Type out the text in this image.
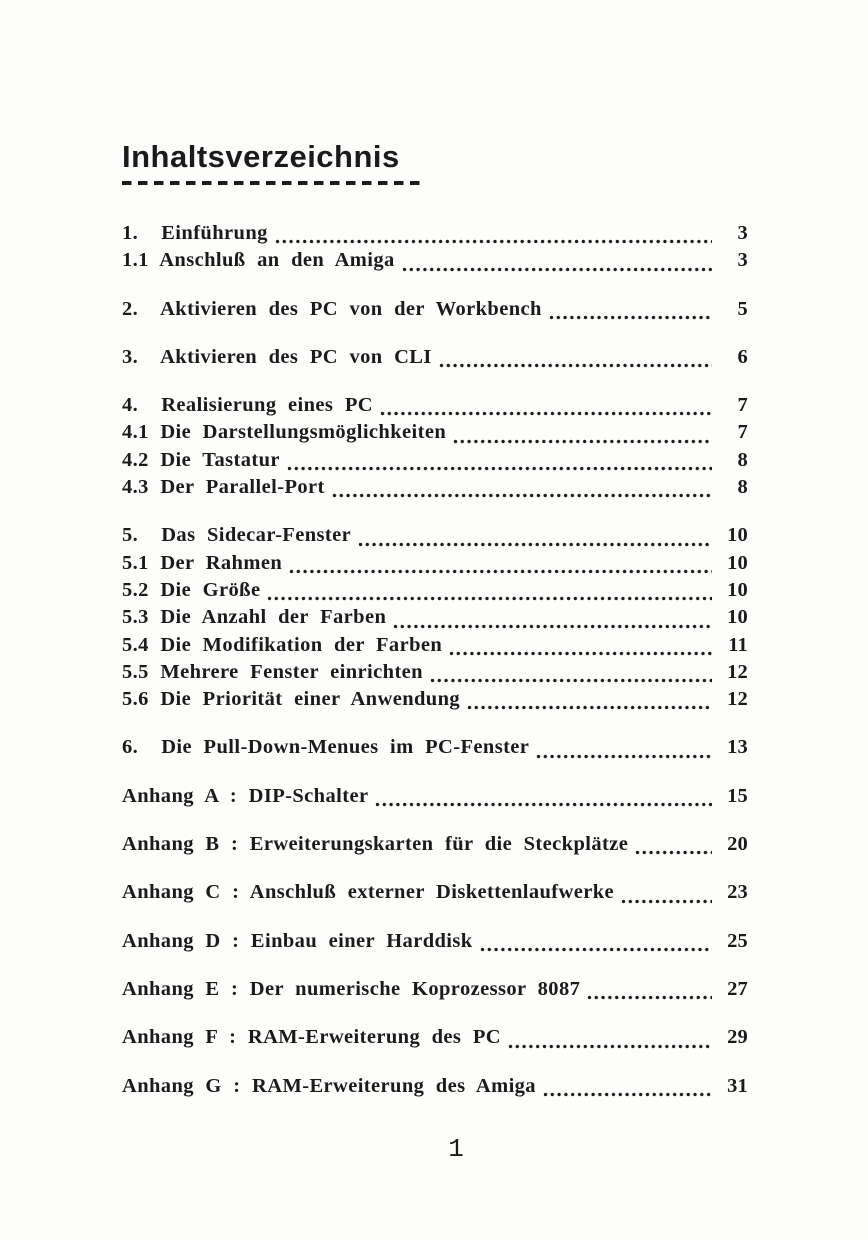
Inhaltsverzeichnis
1.  Einführung	3
1.1 Anschluß an den Amiga	3
2.  Aktivieren des PC von der Workbench	5
3.  Aktivieren des PC von CLI	6
4.  Realisierung eines PC	7
4.1 Die Darstellungsmöglichkeiten	7
4.2 Die Tastatur	8
4.3 Der Parallel-Port	8
5.  Das Sidecar-Fenster	10
5.1 Der Rahmen	10
5.2 Die Größe	10
5.3 Die Anzahl der Farben	10
5.4 Die Modifikation der Farben	11
5.5 Mehrere Fenster einrichten	12
5.6 Die Priorität einer Anwendung	12
6.  Die Pull-Down-Menues im PC-Fenster	13
Anhang A : DIP-Schalter	15
Anhang B : Erweiterungskarten für die Steckplätze	20
Anhang C : Anschluß externer Diskettenlaufwerke	23
Anhang D : Einbau einer Harddisk	25
Anhang E : Der numerische Koprozessor 8087	27
Anhang F : RAM-Erweiterung des PC	29
Anhang G : RAM-Erweiterung des Amiga	31
1
